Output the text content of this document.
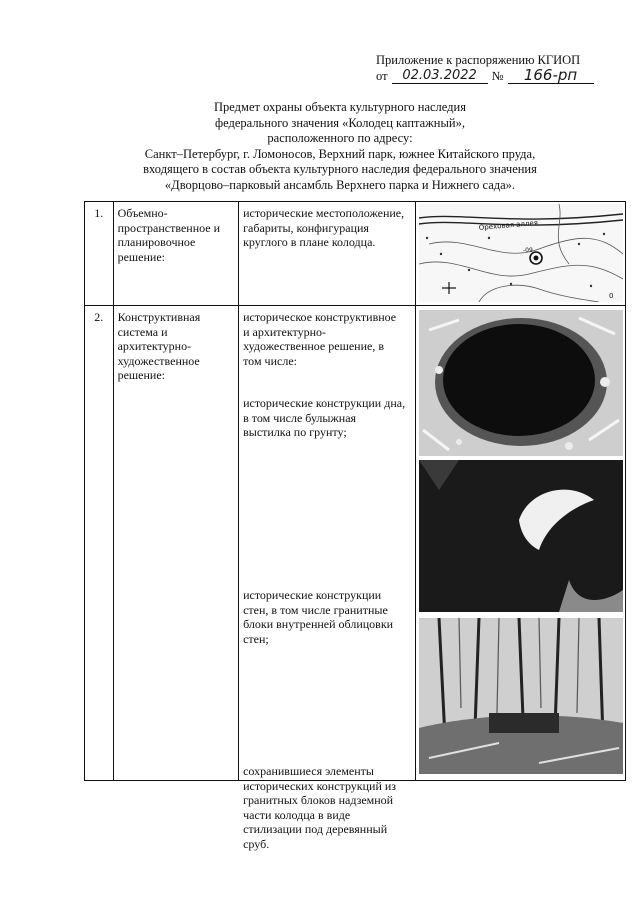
Приложение к распоряжению КГИОП
от	02.03.2022	№	166-рп
Предмет охраны объекта культурного наследия
федерального значения «Колодец каптажный»,
расположенного по адресу:
Санкт–Петербург, г. Ломоносов, Верхний парк, южнее Китайского пруда,
входящего в состав объекта культурного наследия федерального значения
«Дворцово–парковый ансамбль Верхнего парка и Нижнего сада».
1.	Объемно-пространственное и планировочное решение:	исторические местоположение, габариты, конфигурация круглого в плане колодца.	Ореховая аллея
-09
0

2.	Конструктивная система и архитектурно-художественное решение:	историческое конструктивное и архитектурно-художественное решение, в том числе:
исторические конструкции дна, в том числе булыжная выстилка по грунту;
исторические конструкции стен, в том числе гранитные блоки внутренней облицовки стен;
сохранившиеся элементы исторических конструкций из гранитных блоков надземной части колодца в виде стилизации под деревянный сруб.
